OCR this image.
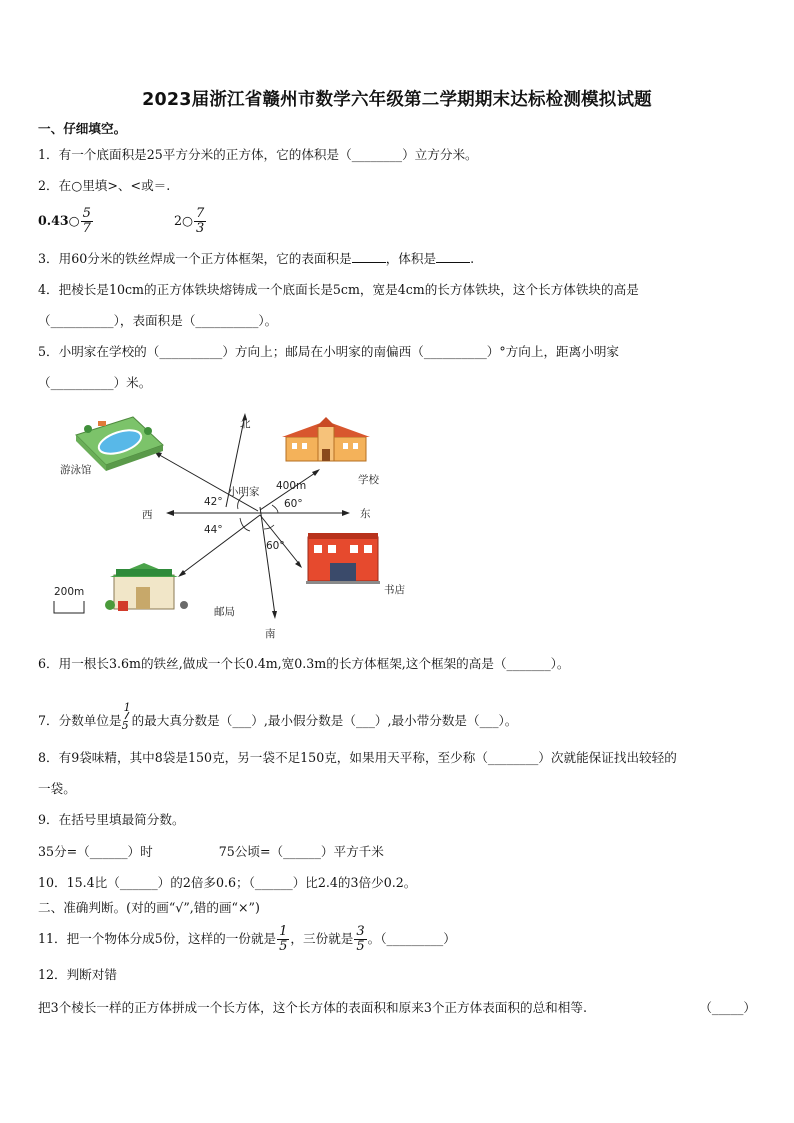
2023届浙江省赣州市数学六年级第二学期期末达标检测模拟试题
一、仔细填空。
1．有一个底面积是25平方分米的正方体，它的体积是（________）立方分米。
2．在○里填>、<或＝.
0.43○ $\frac{5}{7}$	2○ $\frac{7}{3}$
3．用60分米的铁丝焊成一个正方体框架，它的表面积是	，体积是	.
4．把棱长是10cm的正方体铁块熔铸成一个底面长是5cm，宽是4cm的长方体铁块，这个长方体铁块的高是
（__________），表面积是（__________）。
5．小明家在学校的（__________）方向上；邮局在小明家的南偏西（__________）°方向上，距离小明家
（__________）米。
北
南
东
西
小明家 400m
42°	60°
44°
60°
学校
游泳馆
邮局
书店
200m
6．用一根长3.6m的铁丝,做成一个长0.4m,宽0.3m的长方体框架,这个框架的高是（_______）。
7．分数单位是
1
5 的最大真分数是（___）,最小假分数是（___）,最小带分数是（___）。
8．有9袋味精，其中8袋是150克，另一袋不足150克，如果用天平称，至少称（________）次就能保证找出较轻的
一袋。
9．在括号里填最简分数。
35分=（______）时	75公顷=（______）平方千米
10．15.4比（______）的2倍多0.6；（______）比2.4的3倍少0.2。
二、准确判断。(对的画“√”,错的画“×”)
11．把一个物体分成5份，这样的一份就是 $\frac{1}{5}$ ，三份就是 $\frac{3}{5}$ 。（_________）
12．判断对错
把3个棱长一样的正方体拼成一个长方体，这个长方体的表面积和原来3个正方体表面积的总和相等.	（_____）
